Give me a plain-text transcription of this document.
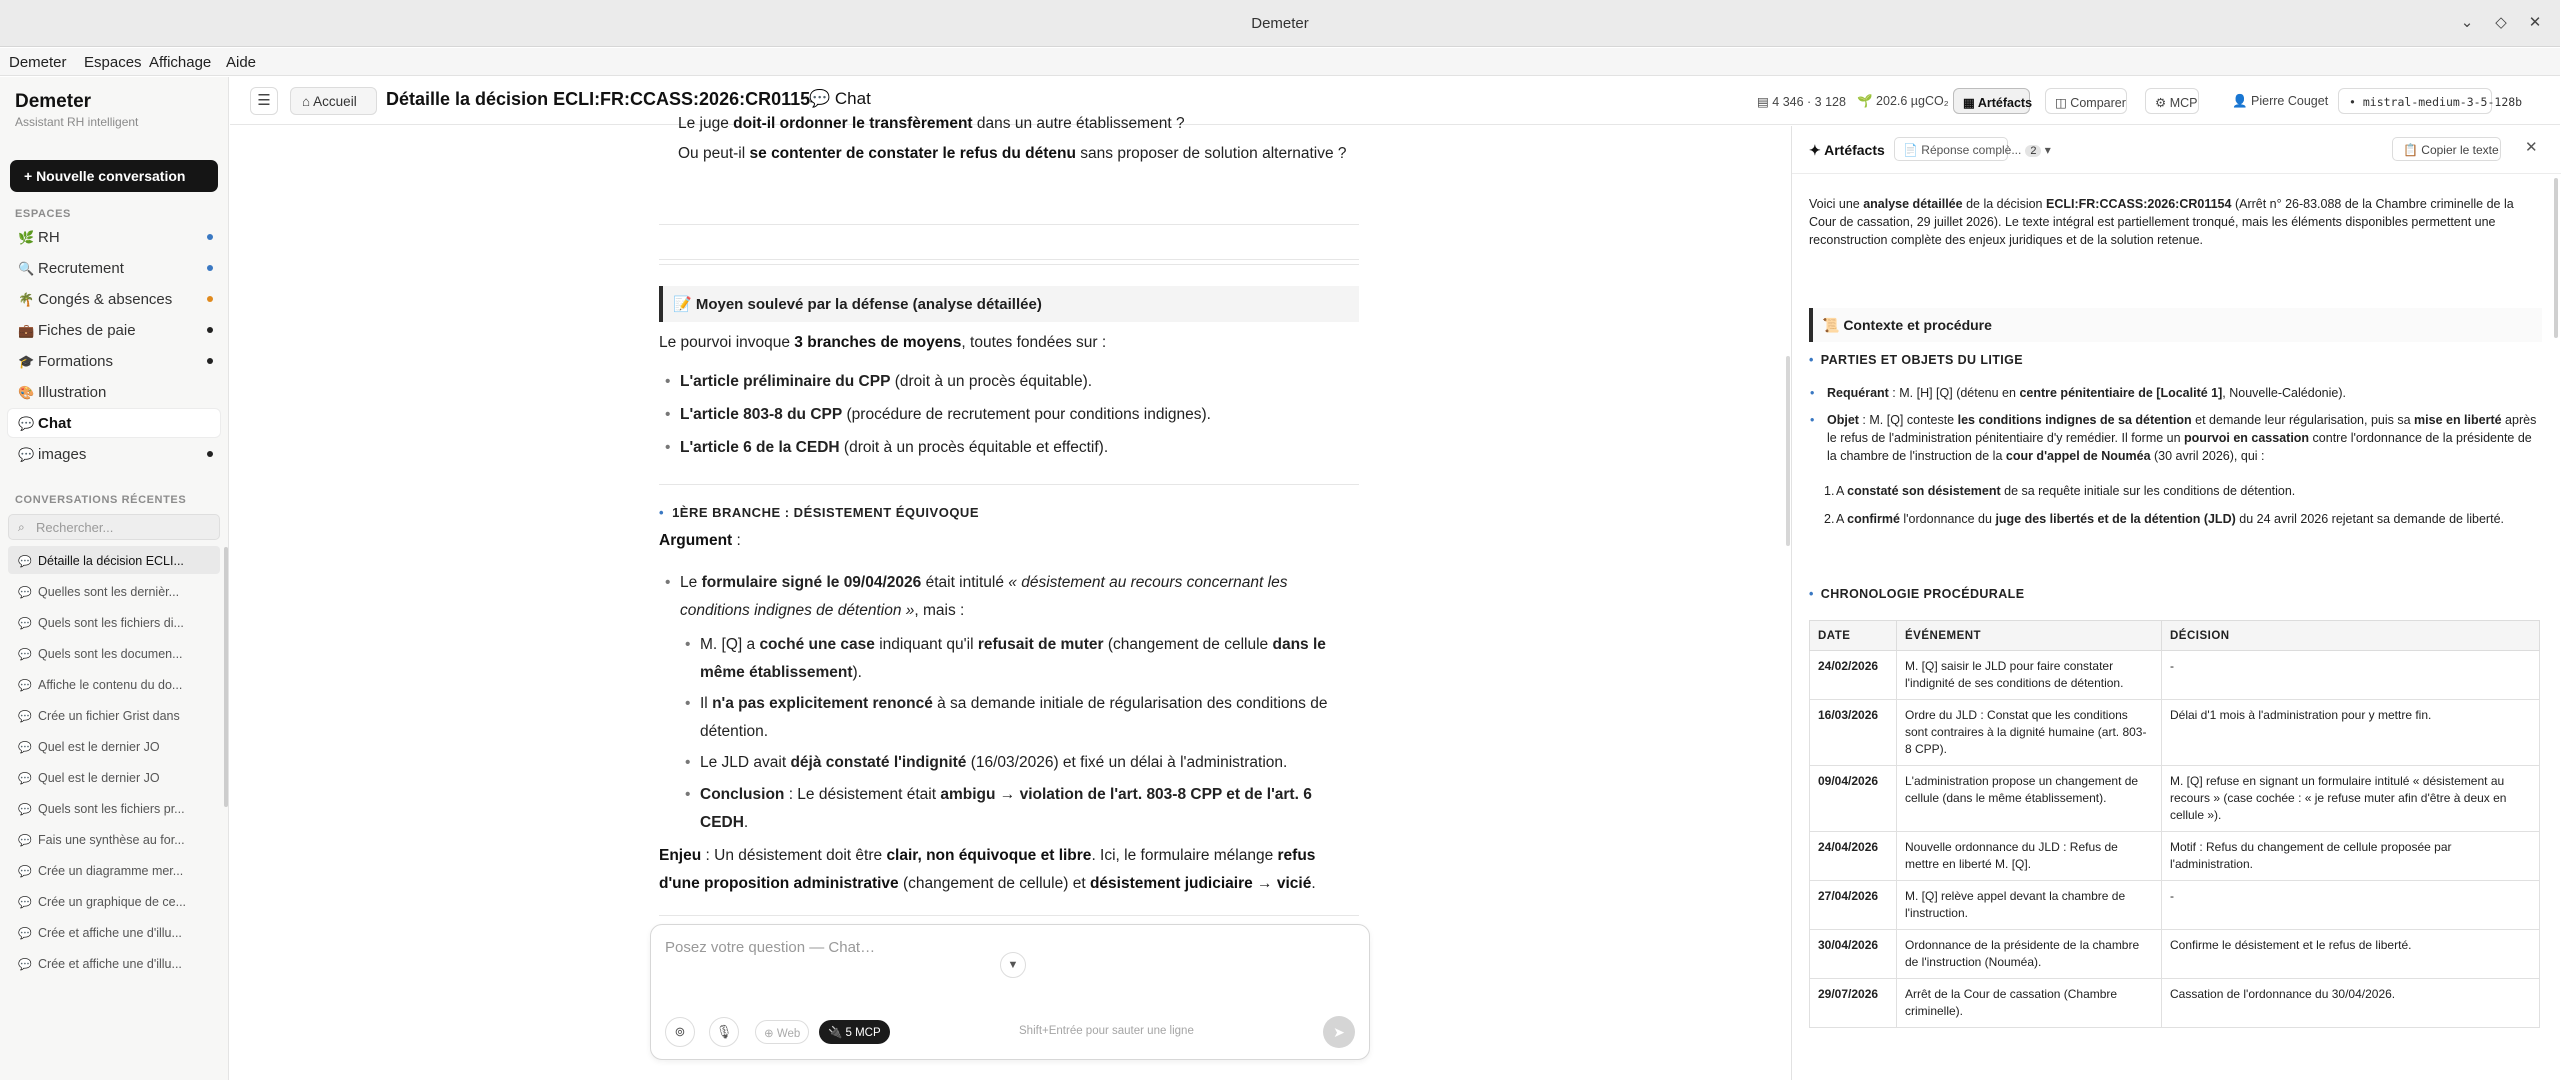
Demeter	⌄	◇	✕
Demeter Espaces Affichage Aide
Demeter
Assistant RH intelligent
+ Nouvelle conversation
ESPACES
🌿 RH
🔍 Recrutement
🌴 Congés & absences
💼 Fiches de paie
🎓 Formations
🎨 Illustration
💬 Chat
💬 images
CONVERSATIONS RÉCENTES
⌕ Rechercher...
💬 Détaille la décision ECLI...
💬 Quelles sont les dernièr...
💬 Quels sont les fichiers di...
💬 Quels sont les documen...
💬 Affiche le contenu du do...
💬 Crée un fichier Grist dans
💬 Quel est le dernier JO
💬 Quel est le dernier JO
💬 Quels sont les fichiers pr...
💬 Fais une synthèse au for...
💬 Crée un diagramme mer...
💬 Crée un graphique de ce...
💬 Crée et affiche une d'illu...
💬 Crée et affiche une d'illu...
☰	⌂ Accueil	Détaille la décision ECLI:FR:CCASS:2026:CR01154
💬 Chat	▤ 4 346 · 3 128 🌱 202.6 µgCO₂	▦ Artéfacts	◫ Comparer	⚙ MCP	👤 Pierre Couget	• mistral-medium-3-5-128b
Le juge doit-il ordonner le transfèrement dans un autre établissement ?
Ou peut-il se contenter de constater le refus du détenu sans proposer de solution alternative ?
📝 Moyen soulevé par la défense (analyse détaillée)
Le pourvoi invoque 3 branches de moyens, toutes fondées sur :
• L'article préliminaire du CPP (droit à un procès équitable).
• L'article 803-8 du CPP (procédure de recrutement pour conditions indignes).
• L'article 6 de la CEDH (droit à un procès équitable et effectif).
• 1ÈRE BRANCHE : DÉSISTEMENT ÉQUIVOQUE
Argument :
• Le formulaire signé le 09/04/2026 était intitulé « désistement au recours concernant les conditions indignes de détention », mais :
• M. [Q] a coché une case indiquant qu'il refusait de muter (changement de cellule dans le même établissement).
• Il n'a pas explicitement renoncé à sa demande initiale de régularisation des conditions de détention.
• Le JLD avait déjà constaté l'indignité (16/03/2026) et fixé un délai à l'administration.
• Conclusion : Le désistement était ambigu → violation de l'art. 803-8 CPP et de l'art. 6 CEDH.
Enjeu : Un désistement doit être clair, non équivoque et libre. Ici, le formulaire mélange refus d'une proposition administrative (changement de cellule) et désistement judiciaire → vicié.
Posez votre question — Chat…
▼
⊚	🎙	⊕ Web	🔌 5 MCP	Shift+Entrée pour sauter une ligne	➤
✦ Artéfacts	📄 Réponse complè... 2 ▾	📋 Copier le texte ✕
Voici une analyse détaillée de la décision ECLI:FR:CCASS:2026:CR01154 (Arrêt n° 26-83.088 de la Chambre criminelle de la Cour de cassation, 29 juillet 2026). Le texte intégral est partiellement tronqué, mais les éléments disponibles permettent une reconstruction complète des enjeux juridiques et de la solution retenue.
📜 Contexte et procédure
• PARTIES ET OBJETS DU LITIGE
• Requérant : M. [H] [Q] (détenu en centre pénitentiaire de [Localité 1], Nouvelle-Calédonie).
• Objet : M. [Q] conteste les conditions indignes de sa détention et demande leur régularisation, puis sa mise en liberté après le refus de l'administration pénitentiaire d'y remédier. Il forme un pourvoi en cassation contre l'ordonnance de la présidente de la chambre de l'instruction de la cour d'appel de Nouméa (30 avril 2026), qui :
1. A constaté son désistement de sa requête initiale sur les conditions de détention.
2. A confirmé l'ordonnance du juge des libertés et de la détention (JLD) du 24 avril 2026 rejetant sa demande de liberté.
• CHRONOLOGIE PROCÉDURALE
DATE	ÉVÉNEMENT	DÉCISION
24/02/2026	M. [Q] saisir le JLD pour faire constater l'indignité de ses conditions de détention.	-
16/03/2026	Ordre du JLD : Constat que les conditions sont contraires à la dignité humaine (art. 803-8 CPP).	Délai d'1 mois à l'administration pour y mettre fin.
09/04/2026	L'administration propose un changement de cellule (dans le même établissement).	M. [Q] refuse en signant un formulaire intitulé « désistement au recours » (case cochée : « je refuse muter afin d'être à deux en cellule »).
24/04/2026	Nouvelle ordonnance du JLD : Refus de mettre en liberté M. [Q].	Motif : Refus du changement de cellule proposée par l'administration.
27/04/2026	M. [Q] relève appel devant la chambre de l'instruction.	-
30/04/2026	Ordonnance de la présidente de la chambre de l'instruction (Nouméa).	Confirme le désistement et le refus de liberté.
29/07/2026	Arrêt de la Cour de cassation (Chambre criminelle).	Cassation de l'ordonnance du 30/04/2026.
